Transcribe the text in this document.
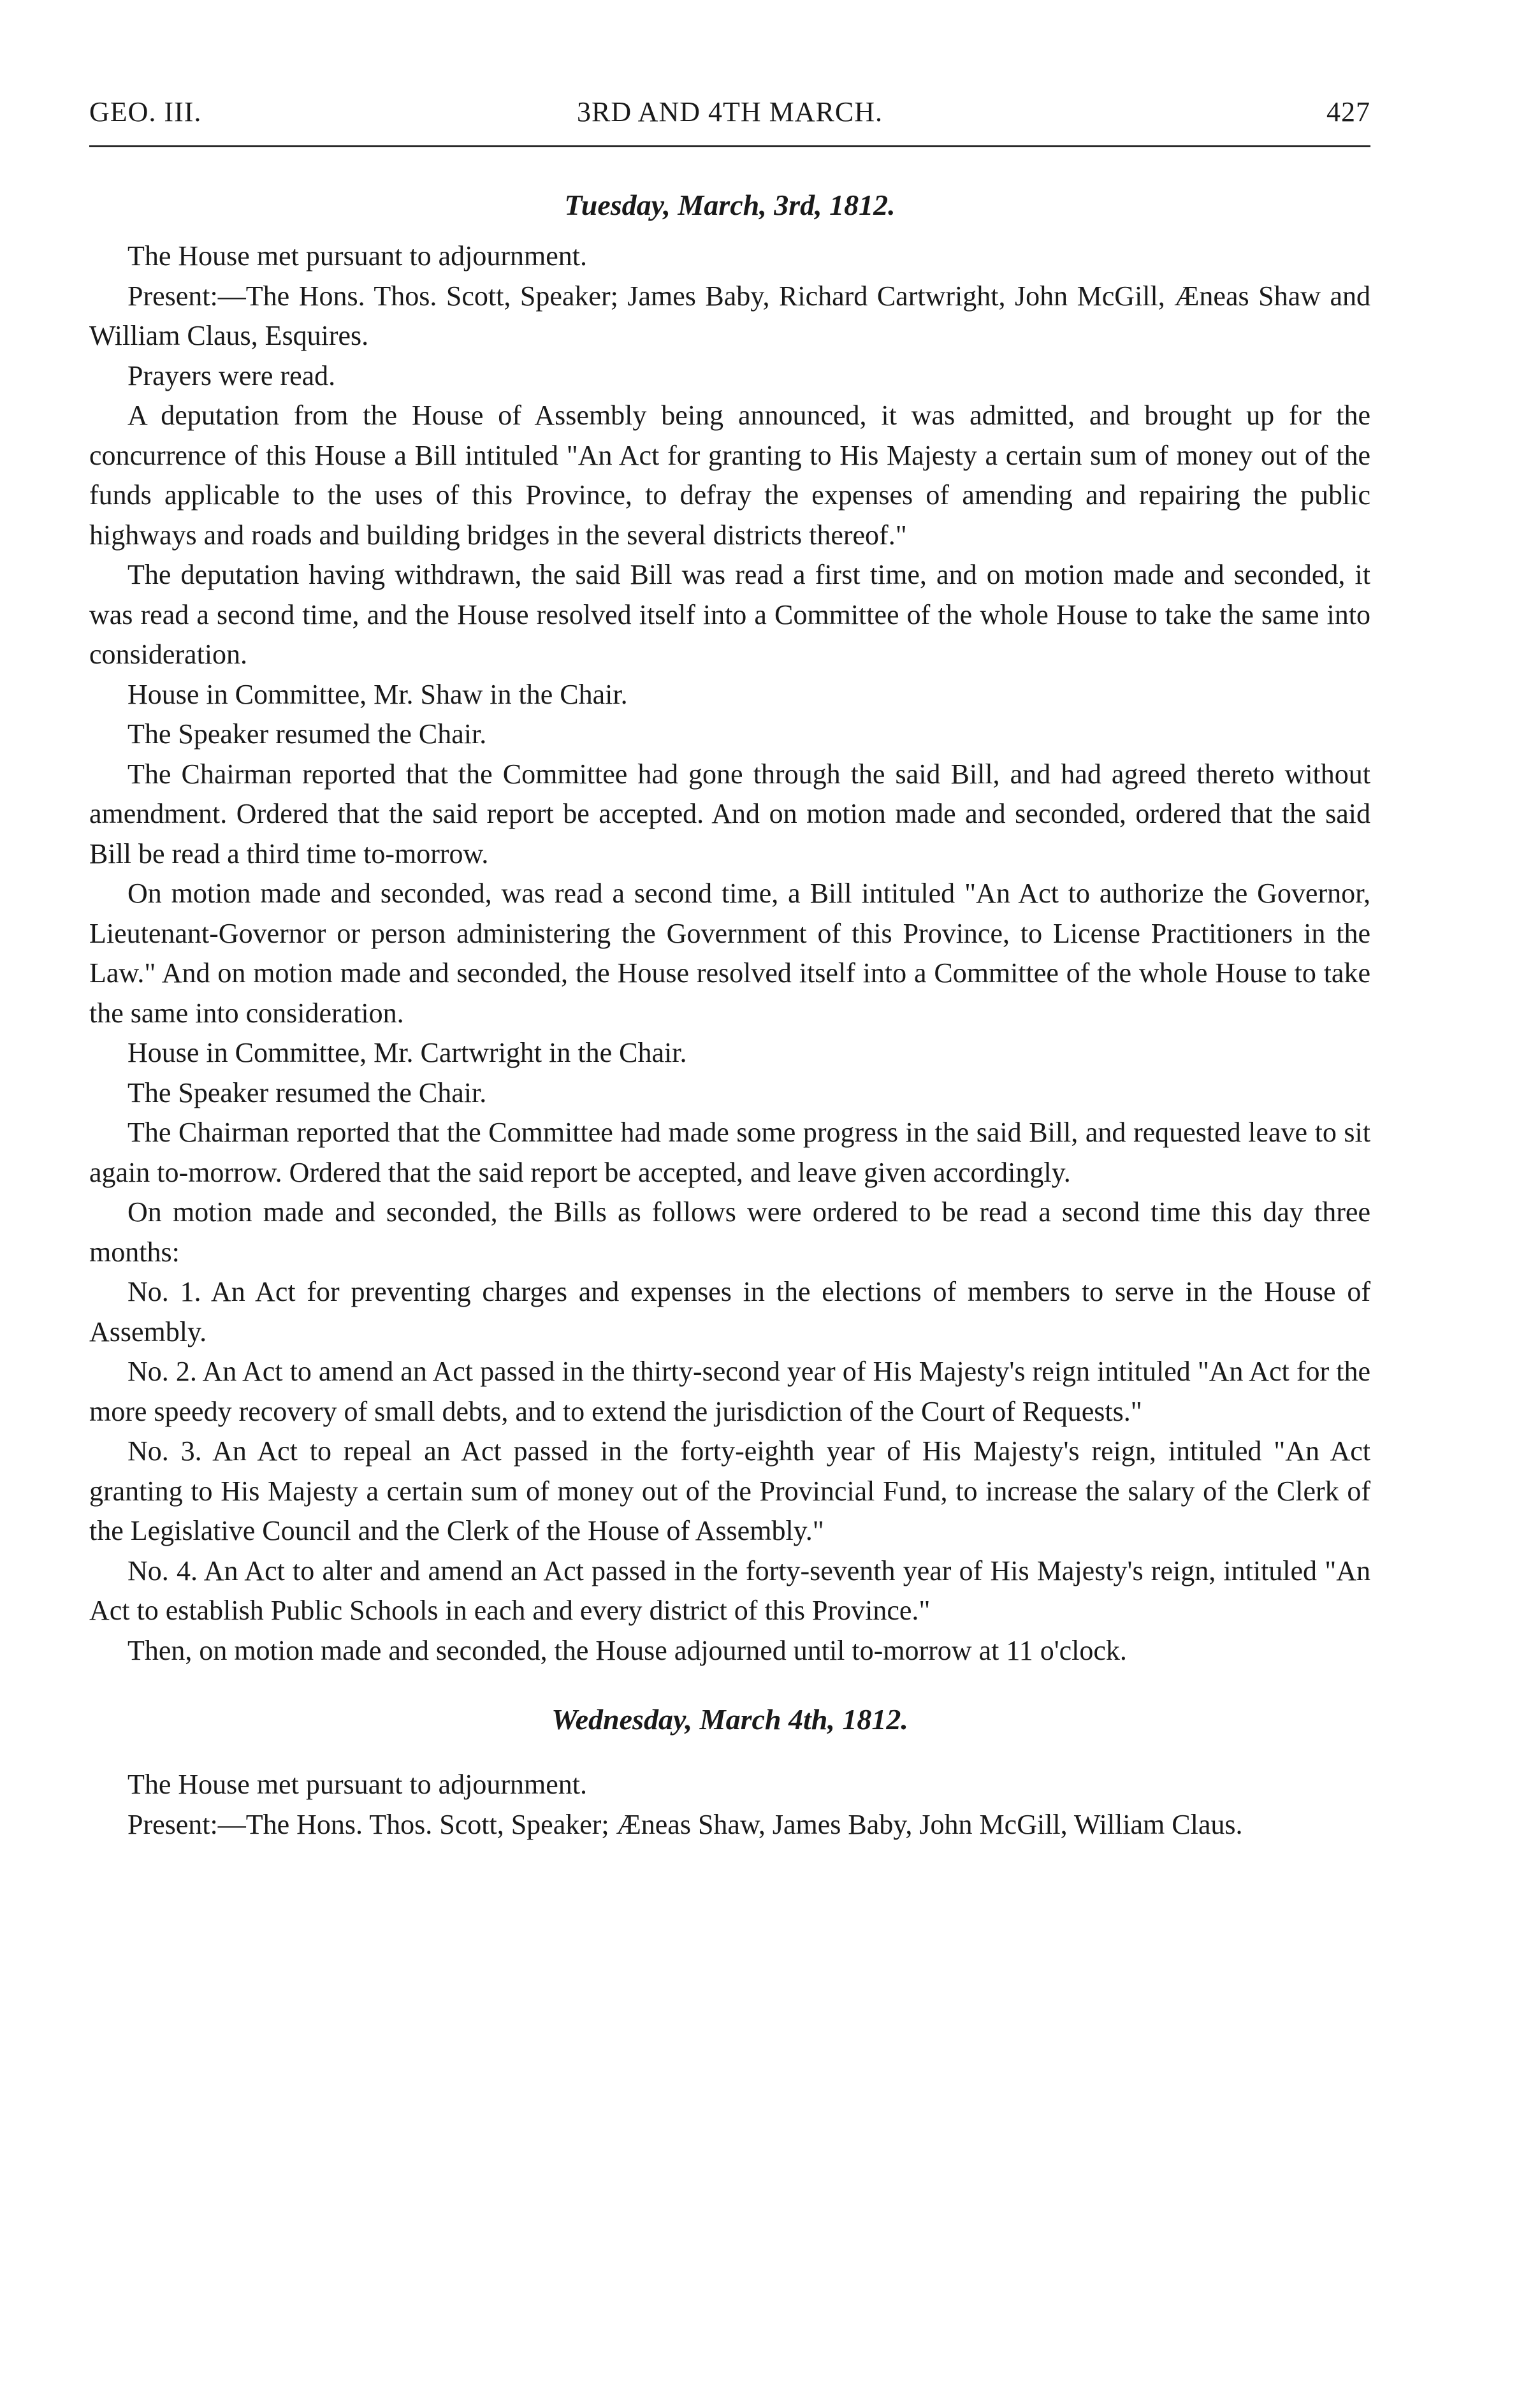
GEO. III.	3RD AND 4TH MARCH.	427
Tuesday, March, 3rd, 1812.

The House met pursuant to adjournment.

Present:—The Hons. Thos. Scott, Speaker; James Baby, Richard Cartwright, John McGill, Æneas Shaw and William Claus, Esquires.

Prayers were read.

A deputation from the House of Assembly being announced, it was admitted, and brought up for the concurrence of this House a Bill intituled "An Act for granting to His Majesty a certain sum of money out of the funds applicable to the uses of this Province, to defray the expenses of amending and repairing the public highways and roads and building bridges in the several districts thereof."

The deputation having withdrawn, the said Bill was read a first time, and on motion made and seconded, it was read a second time, and the House resolved itself into a Committee of the whole House to take the same into consideration.

House in Committee, Mr. Shaw in the Chair.

The Speaker resumed the Chair.

The Chairman reported that the Committee had gone through the said Bill, and had agreed thereto without amendment. Ordered that the said report be accepted. And on motion made and seconded, ordered that the said Bill be read a third time to-morrow.

On motion made and seconded, was read a second time, a Bill intituled "An Act to authorize the Governor, Lieutenant-Governor or person administering the Government of this Province, to License Practitioners in the Law." And on motion made and seconded, the House resolved itself into a Committee of the whole House to take the same into consideration.

House in Committee, Mr. Cartwright in the Chair.

The Speaker resumed the Chair.

The Chairman reported that the Committee had made some progress in the said Bill, and requested leave to sit again to-morrow. Ordered that the said report be accepted, and leave given accordingly.

On motion made and seconded, the Bills as follows were ordered to be read a second time this day three months:

No. 1. An Act for preventing charges and expenses in the elections of members to serve in the House of Assembly.

No. 2. An Act to amend an Act passed in the thirty-second year of His Majesty's reign intituled "An Act for the more speedy recovery of small debts, and to extend the jurisdiction of the Court of Requests."

No. 3. An Act to repeal an Act passed in the forty-eighth year of His Majesty's reign, intituled "An Act granting to His Majesty a certain sum of money out of the Provincial Fund, to increase the salary of the Clerk of the Legislative Council and the Clerk of the House of Assembly."

No. 4. An Act to alter and amend an Act passed in the forty-seventh year of His Majesty's reign, intituled "An Act to establish Public Schools in each and every district of this Province."

Then, on motion made and seconded, the House adjourned until to-morrow at 11 o'clock.

Wednesday, March 4th, 1812.

The House met pursuant to adjournment.

Present:—The Hons. Thos. Scott, Speaker; Æneas Shaw, James Baby, John McGill, William Claus.
